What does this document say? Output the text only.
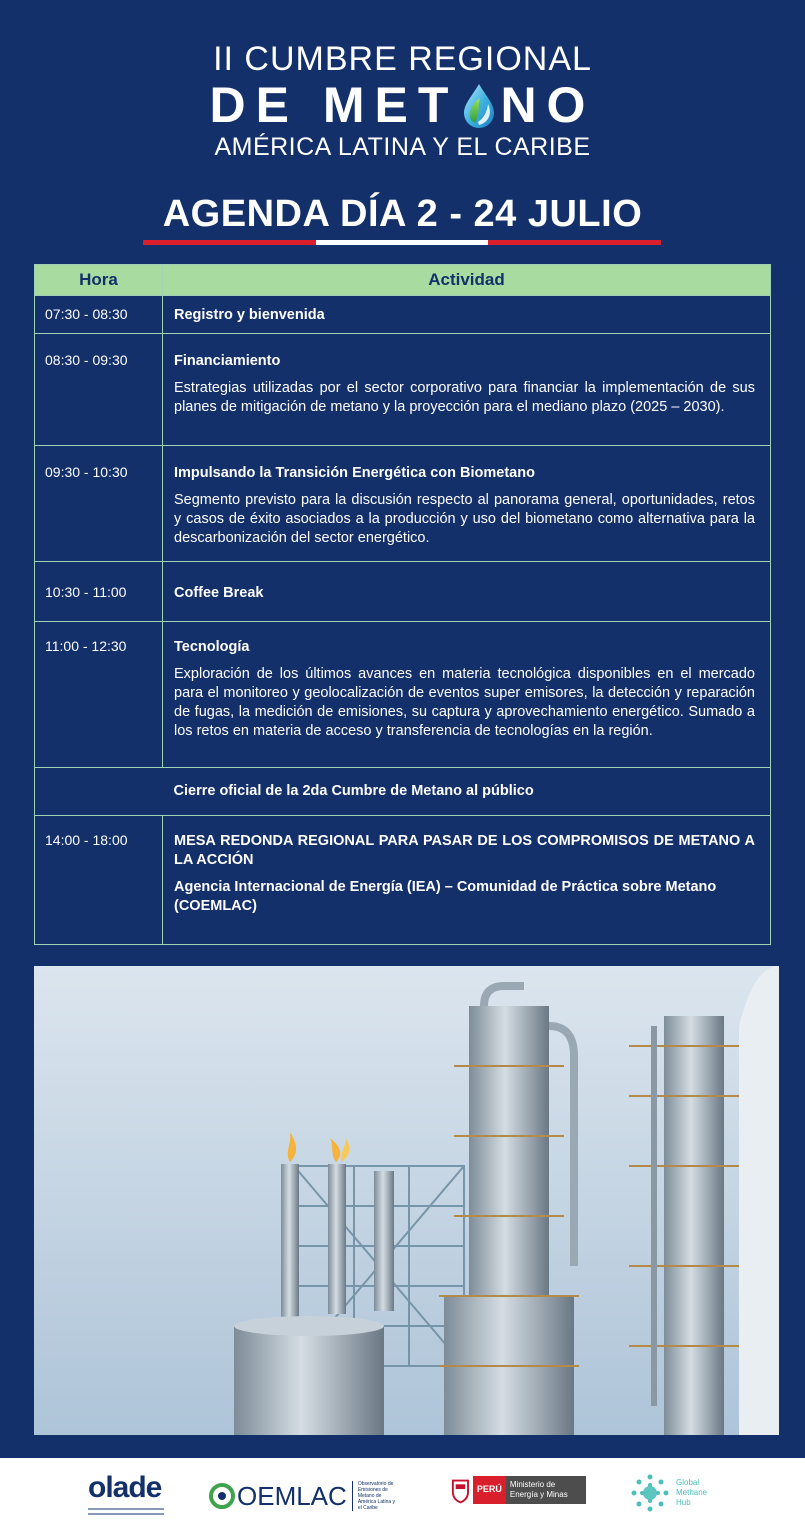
II CUMBRE REGIONAL
DE MET NO
AMÉRICA LATINA Y EL CARIBE
AGENDA DÍA 2 - 24 JULIO
Hora	Actividad
07:30 - 08:30	Registro y bienvenida

08:30 - 09:30	Financiamiento
Estrategias utilizadas por el sector corporativo para financiar la implementación de sus planes de mitigación de metano y la proyección para el mediano plazo (2025 – 2030).

09:30 - 10:30	Impulsando la Transición Energética con Biometano
Segmento previsto para la discusión respecto al panorama general, oportunidades, retos y casos de éxito asociados a la producción y uso del biometano como alternativa para la descarbonización del sector energético.

10:30 - 11:00	Coffee Break

11:00 - 12:30	Tecnología
Exploración de los últimos avances en materia tecnológica disponibles en el mercado para el monitoreo y geolocalización de eventos super emisores, la detección y reparación de fugas, la medición de emisiones, su captura y aprovechamiento energético. Sumado a los retos en materia de acceso y transferencia de tecnologías en la región.

	Cierre oficial de la 2da Cumbre de Metano al público

14:00 - 18:00	MESA REDONDA REGIONAL PARA PASAR DE LOS COMPROMISOS DE METANO A LA ACCIÓN
Agencia Internacional de Energía (IEA) – Comunidad de Práctica sobre Metano (COEMLAC)
olade	OEMLAC Observatorio de Emisiones de Metano de América Latina y el Caribe
PERÚ	Ministerio de Energía y Minas
Global Methane Hub
